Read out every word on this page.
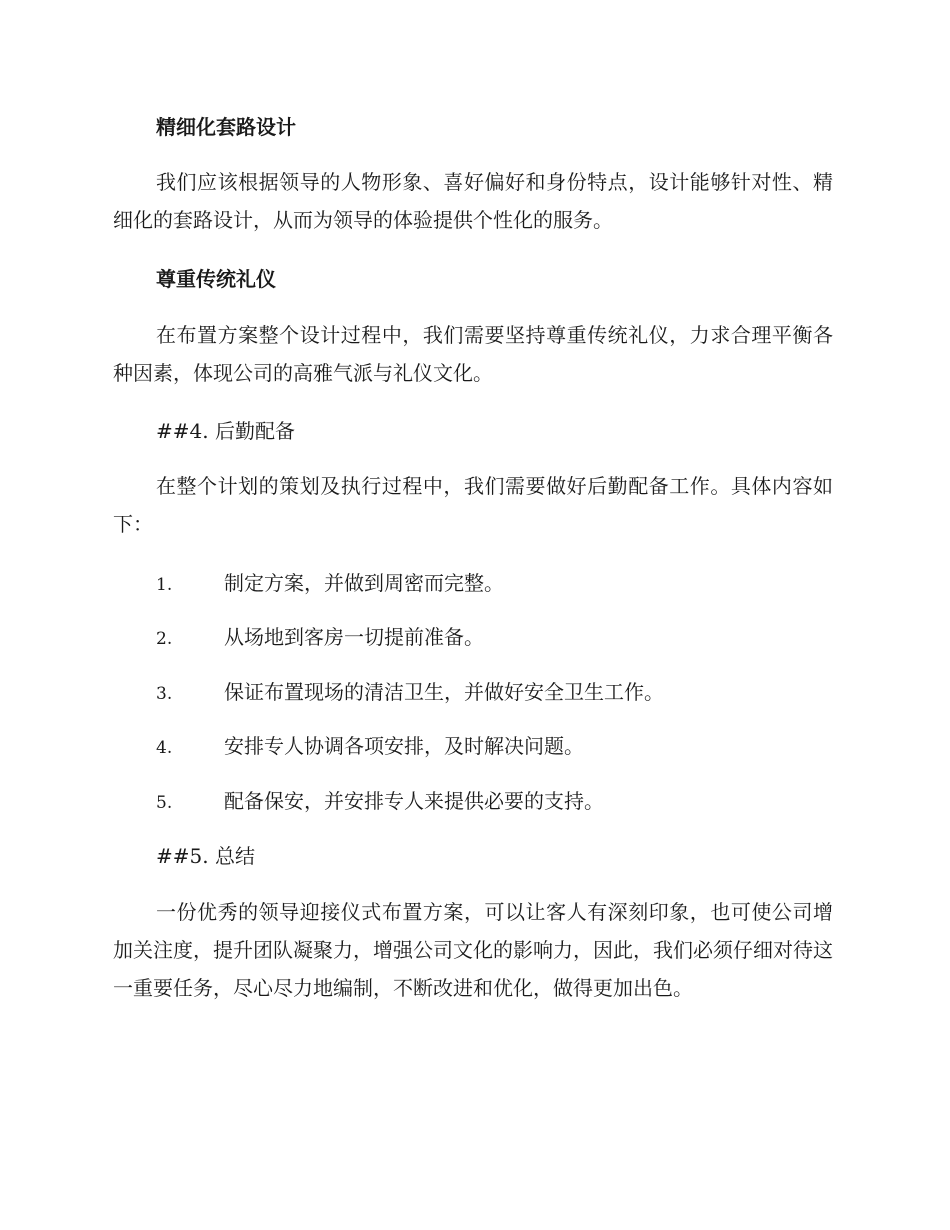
精细化套路设计
我们应该根据领导的人物形象、喜好偏好和身份特点，设计能够针对性、精细化的套路设计，从而为领导的体验提供个性化的服务。
尊重传统礼仪
在布置方案整个设计过程中，我们需要坚持尊重传统礼仪，力求合理平衡各种因素，体现公司的高雅气派与礼仪文化。
##4. 后勤配备
在整个计划的策划及执行过程中，我们需要做好后勤配备工作。具体内容如下：
1.	制定方案，并做到周密而完整。
2.	从场地到客房一切提前准备。
3.	保证布置现场的清洁卫生，并做好安全卫生工作。
4.	安排专人协调各项安排，及时解决问题。
5.	配备保安，并安排专人来提供必要的支持。
##5. 总结
一份优秀的领导迎接仪式布置方案，可以让客人有深刻印象，也可使公司增加关注度，提升团队凝聚力，增强公司文化的影响力，因此，我们必须仔细对待这一重要任务，尽心尽力地编制，不断改进和优化，做得更加出色。
